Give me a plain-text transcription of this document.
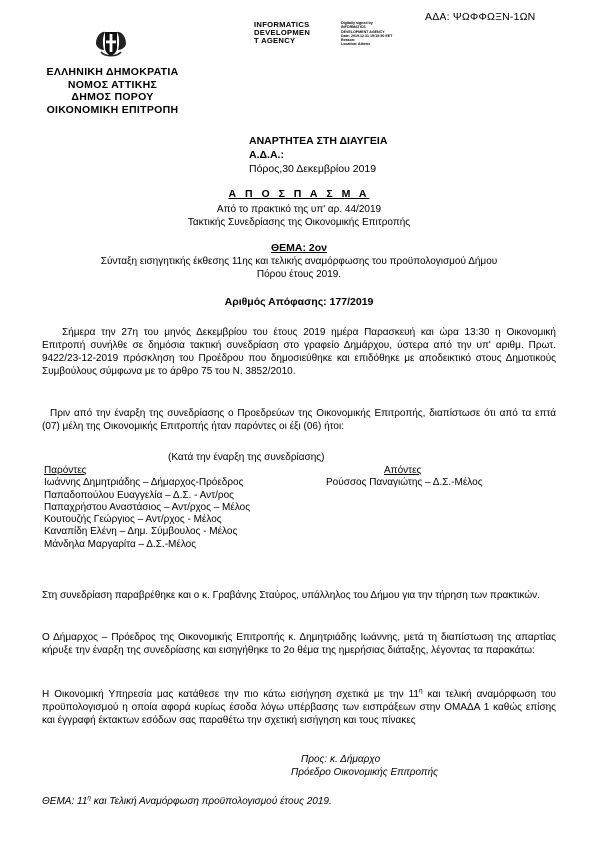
ΑΔΑ: ΨΩΦΦΩΞΝ-1ΩΝ
INFORMATICS
DEVELOPMEN
T AGENCY
Digitally signed by
INFORMATICS
DEVELOPMENT AGENCY
Date: 2019.12.31 15:10:50 EET
Reason:
Location: Athens
ΕΛΛΗΝΙΚΗ ΔΗΜΟΚΡΑΤΙΑ
ΝΟΜΟΣ ΑΤΤΙΚΗΣ
ΔΗΜΟΣ ΠΟΡΟΥ
ΟΙΚΟΝΟΜΙΚΗ ΕΠΙΤΡΟΠΗ
ΑΝΑΡΤΗΤΕΑ ΣΤΗ ΔΙΑΥΓΕΙΑ
Α.Δ.Α.:
Πόρος,30 Δεκεμβρίου 2019
Α Π Ο Σ Π Α Σ Μ Α
Από το πρακτικό της υπ' αρ. 44/2019
Τακτικής Συνεδρίασης της Οικονομικής Επιτροπής
ΘΕΜΑ: 2ον
Σύνταξη εισηγητικής έκθεσης 11ης και τελικής αναμόρφωσης του προϋπολογισμού Δήμου
Πόρου έτους 2019.
Αριθμός Απόφασης: 177/2019
Σήμερα την 27η του μηνός Δεκεμβρίου του έτους 2019 ημέρα Παρασκευή και ώρα 13:30 η Οικονομική Επιτροπή συνήλθε σε δημόσια τακτική συνεδρίαση στο γραφείο Δημάρχου, ύστερα από την υπ' αριθμ. Πρωτ. 9422/23-12-2019 πρόσκληση του Προέδρου που δημοσιεύθηκε και επιδόθηκε με αποδεικτικό στους Δημοτικούς Συμβούλους σύμφωνα με το άρθρο 75 του Ν. 3852/2010.
Πριν από την έναρξη της συνεδρίασης ο Προεδρεύων της Οικονομικής Επιτροπής, διαπίστωσε ότι από τα επτά (07) μέλη της Οικονομικής Επιτροπής ήταν παρόντες οι έξι (06) ήτοι:
(Κατά την έναρξη της συνεδρίασης)
Παρόντες
Ιωάννης Δημητριάδης – Δήμαρχος-Πρόεδρος
Παπαδοπούλου Ευαγγελία – Δ.Σ. - Αντ/ρος
Παπαχρήστου Αναστάσιος – Αντ/ρχος – Μέλος
Κουτουζής Γεώργιος – Αντ/ρχος - Μέλος
Καναπίδη Ελένη – Δημ. Σύμβουλος - Μέλος
Μάνδηλα Μαργαρίτα – Δ.Σ.-Μέλος
Απόντες
Ρούσσος Παναγιώτης – Δ.Σ.-Μέλος
Στη συνεδρίαση παραβρέθηκε και ο κ. Γραβάνης Σταύρος, υπάλληλος του Δήμου για την τήρηση των πρακτικών.
Ο Δήμαρχος – Πρόεδρος της Οικονομικής Επιτροπής κ. Δημητριάδης Ιωάννης, μετά τη διαπίστωση της απαρτίας κήρυξε την έναρξη της συνεδρίασης και εισηγήθηκε το 2ο θέμα της ημερήσιας διάταξης, λέγοντας τα παρακάτω:
Η Οικονομική Υπηρεσία μας κατάθεσε την πιο κάτω εισήγηση σχετικά με την $11^\eta$ και τελική αναμόρφωση του προϋπολογισμού η οποία αφορά κυρίως έσοδα λόγω υπέρβασης των εισπράξεων στην ΟΜΑΔΑ 1 καθώς επίσης και έγγραφή έκτακτων εσόδων σας παραθέτω την σχετική εισήγηση και τους πίνακες
Προς: κ. Δήμαρχο
Πρόεδρο Οικονομικής Επιτροπής
ΘΕΜΑ: $11^\eta$ και Τελική Αναμόρφωση προϋπολογισμού έτους 2019.
